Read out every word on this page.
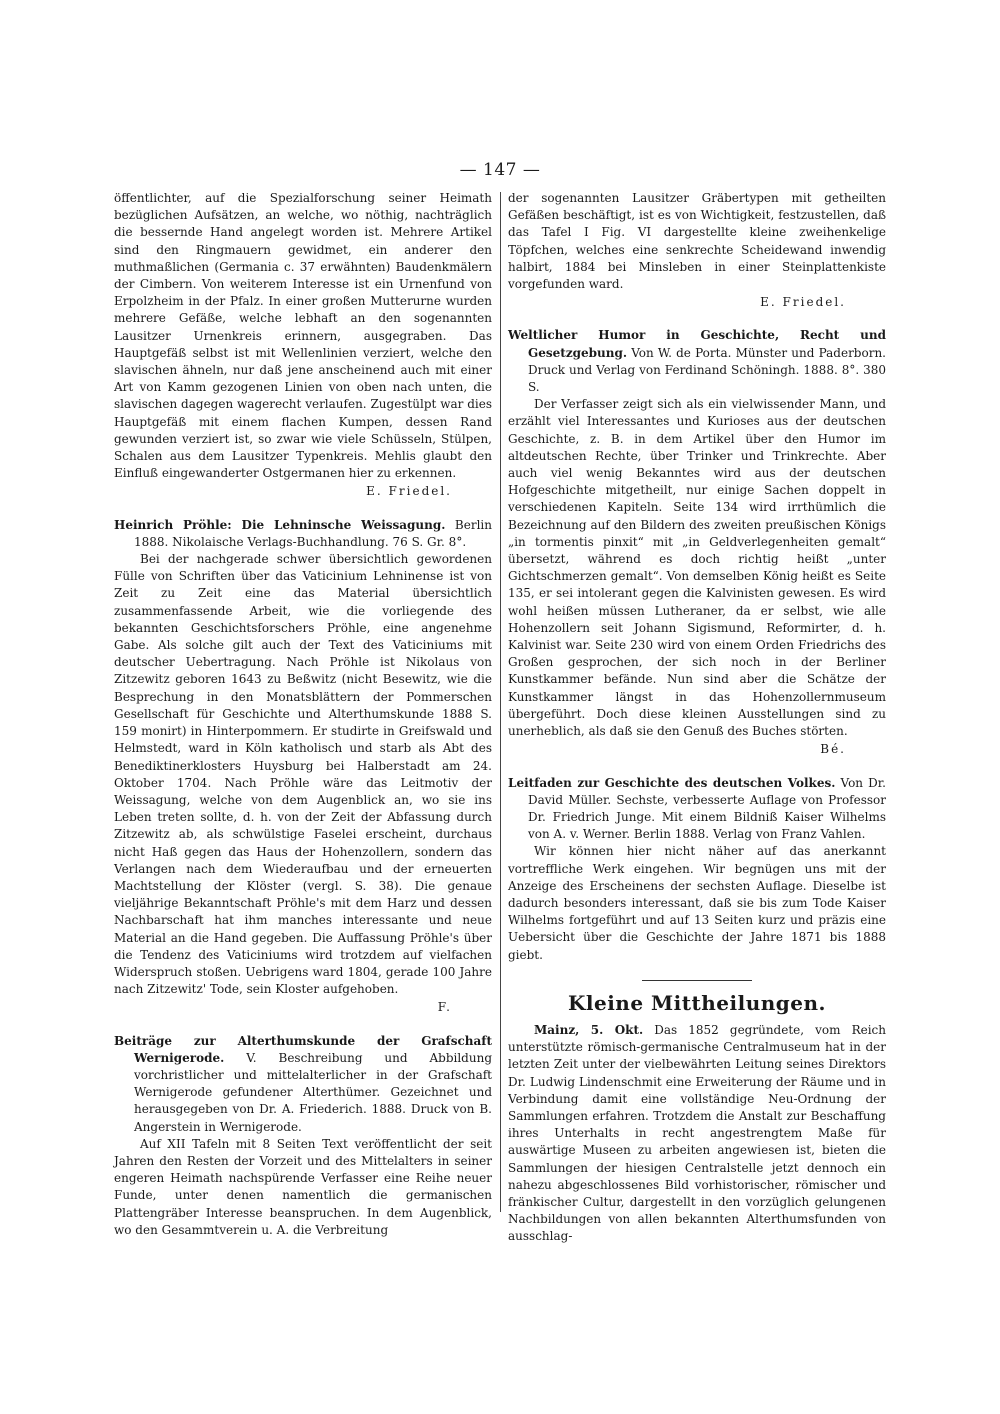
— 147 —

öffentlichter, auf die Spezialforschung seiner Heimath bezüglichen Aufsätzen, an welche, wo nöthig, nachträglich die bessernde Hand angelegt worden ist. Mehrere Artikel sind den Ringmauern gewidmet, ein anderer den muthmaßlichen (Germania c. 37 erwähnten) Baudenkmälern der Cimbern. Von weiterem Interesse ist ein Urnenfund von Erpolzheim in der Pfalz. In einer großen Mutterurne wurden mehrere Gefäße, welche lebhaft an den sogenannten Lausitzer Urnenkreis erinnern, ausgegraben. Das Hauptgefäß selbst ist mit Wellenlinien verziert, welche den slavischen ähneln, nur daß jene anscheinend auch mit einer Art von Kamm gezogenen Linien von oben nach unten, die slavischen dagegen wagerecht verlaufen. Zugestülpt war dies Hauptgefäß mit einem flachen Kumpen, dessen Rand gewunden verziert ist, so zwar wie viele Schüsseln, Stülpen, Schalen aus dem Lausitzer Typenkreis. Mehlis glaubt den Einfluß eingewanderter Ostgermanen hier zu erkennen.

E. Friedel.
Heinrich Pröhle: Die Lehninsche Weissagung. Berlin 1888. Nikolaische Verlags-Buchhandlung. 76 S. Gr. 8°.

Bei der nachgerade schwer übersichtlich gewordenen Fülle von Schriften über das Vaticinium Lehninense ist von Zeit zu Zeit eine das Material übersichtlich zusammenfassende Arbeit, wie die vorliegende des bekannten Geschichtsforschers Pröhle, eine angenehme Gabe. Als solche gilt auch der Text des Vaticiniums mit deutscher Uebertragung. Nach Pröhle ist Nikolaus von Zitzewitz geboren 1643 zu Beßwitz (nicht Besewitz, wie die Besprechung in den Monatsblättern der Pommerschen Gesellschaft für Geschichte und Alterthumskunde 1888 S. 159 monirt) in Hinterpommern. Er studirte in Greifswald und Helmstedt, ward in Köln katholisch und starb als Abt des Benediktinerklosters Huysburg bei Halberstadt am 24. Oktober 1704. Nach Pröhle wäre das Leitmotiv der Weissagung, welche von dem Augenblick an, wo sie ins Leben treten sollte, d. h. von der Zeit der Abfassung durch Zitzewitz ab, als schwülstige Faselei erscheint, durchaus nicht Haß gegen das Haus der Hohenzollern, sondern das Verlangen nach dem Wiederaufbau und der erneuerten Machtstellung der Klöster (vergl. S. 38). Die genaue vieljährige Bekanntschaft Pröhle's mit dem Harz und dessen Nachbarschaft hat ihm manches interessante und neue Material an die Hand gegeben. Die Auffassung Pröhle's über die Tendenz des Vaticiniums wird trotzdem auf vielfachen Widerspruch stoßen. Uebrigens ward 1804, gerade 100 Jahre nach Zitzewitz' Tode, sein Kloster aufgehoben.

F.
Beiträge zur Alterthumskunde der Grafschaft Wernigerode. V. Beschreibung und Abbildung vorchristlicher und mittelalterlicher in der Grafschaft Wernigerode gefundener Alterthümer. Gezeichnet und herausgegeben von Dr. A. Friederich. 1888. Druck von B. Angerstein in Wernigerode.

Auf XII Tafeln mit 8 Seiten Text veröffentlicht der seit Jahren den Resten der Vorzeit und des Mittelalters in seiner engeren Heimath nachspürende Verfasser eine Reihe neuer Funde, unter denen namentlich die germanischen Plattengräber Interesse beanspruchen. In dem Augenblick, wo den Gesammtverein u. A. die Verbreitung

der sogenannten Lausitzer Gräbertypen mit getheilten Gefäßen beschäftigt, ist es von Wichtigkeit, festzustellen, daß das Tafel I Fig. VI dargestellte kleine zweihenkelige Töpfchen, welches eine senkrechte Scheidewand inwendig halbirt, 1884 bei Minsleben in einer Steinplattenkiste vorgefunden ward.

E. Friedel.
Weltlicher Humor in Geschichte, Recht und Gesetzgebung. Von W. de Porta. Münster und Paderborn. Druck und Verlag von Ferdinand Schöningh. 1888. 8°. 380 S.

Der Verfasser zeigt sich als ein vielwissender Mann, und erzählt viel Interessantes und Kurioses aus der deutschen Geschichte, z. B. in dem Artikel über den Humor im altdeutschen Rechte, über Trinker und Trinkrechte. Aber auch viel wenig Bekanntes wird aus der deutschen Hofgeschichte mitgetheilt, nur einige Sachen doppelt in verschiedenen Kapiteln. Seite 134 wird irrthümlich die Bezeichnung auf den Bildern des zweiten preußischen Königs „in tormentis pinxit“ mit „in Geldverlegenheiten gemalt“ übersetzt, während es doch richtig heißt „unter Gichtschmerzen gemalt“. Von demselben König heißt es Seite 135, er sei intolerant gegen die Kalvinisten gewesen. Es wird wohl heißen müssen Lutheraner, da er selbst, wie alle Hohenzollern seit Johann Sigismund, Reformirter, d. h. Kalvinist war. Seite 230 wird von einem Orden Friedrichs des Großen gesprochen, der sich noch in der Berliner Kunstkammer befände. Nun sind aber die Schätze der Kunstkammer längst in das Hohenzollernmuseum übergeführt. Doch diese kleinen Ausstellungen sind zu unerheblich, als daß sie den Genuß des Buches störten.

Bé.
Leitfaden zur Geschichte des deutschen Volkes. Von Dr. David Müller. Sechste, verbesserte Auflage von Professor Dr. Friedrich Junge. Mit einem Bildniß Kaiser Wilhelms von A. v. Werner. Berlin 1888. Verlag von Franz Vahlen.

Wir können hier nicht näher auf das anerkannt vortreffliche Werk eingehen. Wir begnügen uns mit der Anzeige des Erscheinens der sechsten Auflage. Dieselbe ist dadurch besonders interessant, daß sie bis zum Tode Kaiser Wilhelms fortgeführt und auf 13 Seiten kurz und präzis eine Uebersicht über die Geschichte der Jahre 1871 bis 1888 giebt.

Kleine Mittheilungen.

Mainz, 5. Okt. Das 1852 gegründete, vom Reich unterstützte römisch-germanische Centralmuseum hat in der letzten Zeit unter der vielbewährten Leitung seines Direktors Dr. Ludwig Lindenschmit eine Erweiterung der Räume und in Verbindung damit eine vollständige Neu-Ordnung der Sammlungen erfahren. Trotzdem die Anstalt zur Beschaffung ihres Unterhalts in recht angestrengtem Maße für auswärtige Museen zu arbeiten angewiesen ist, bieten die Sammlungen der hiesigen Centralstelle jetzt dennoch ein nahezu abgeschlossenes Bild vorhistorischer, römischer und fränkischer Cultur, dargestellt in den vorzüglich gelungenen Nachbildungen von allen bekannten Alterthumsfunden von ausschlag-
